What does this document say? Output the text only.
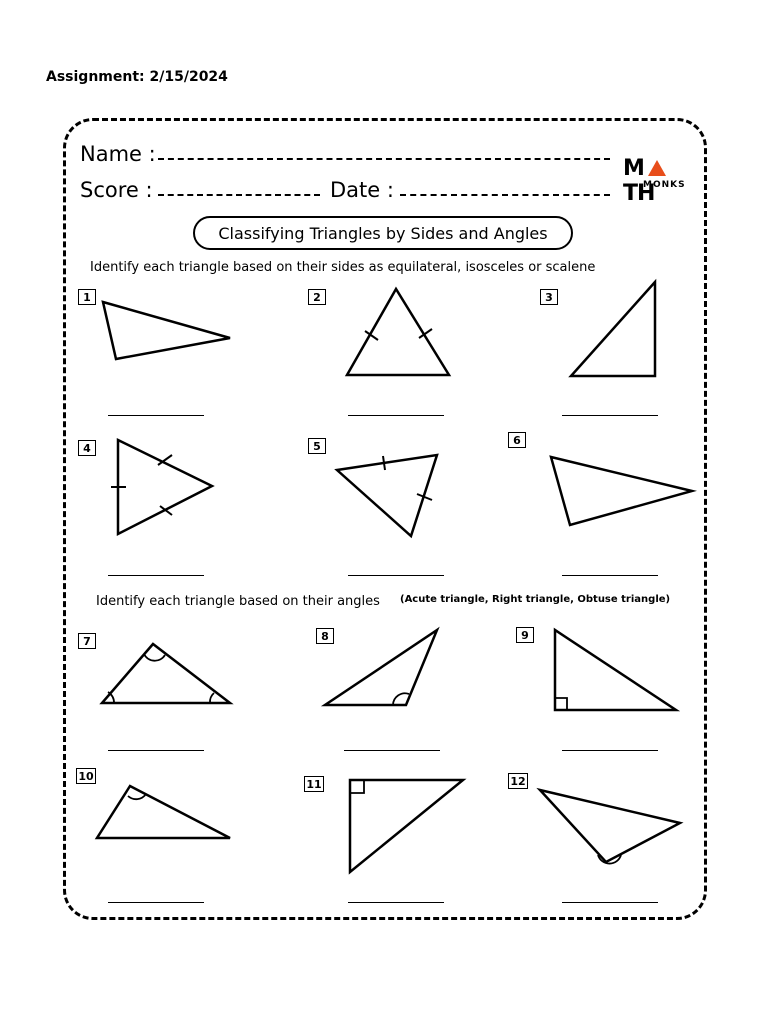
Assignment: 2/15/2024
Name :
Score :	Date :
MTH
MONKS
Classifying Triangles by Sides and Angles
Identify each triangle based on their sides as equilateral, isosceles or scalene
Identify each triangle based on their angles (Acute triangle, Right triangle, Obtuse triangle)
1	2	3
4	5	6
7	8	9
10
11	12
